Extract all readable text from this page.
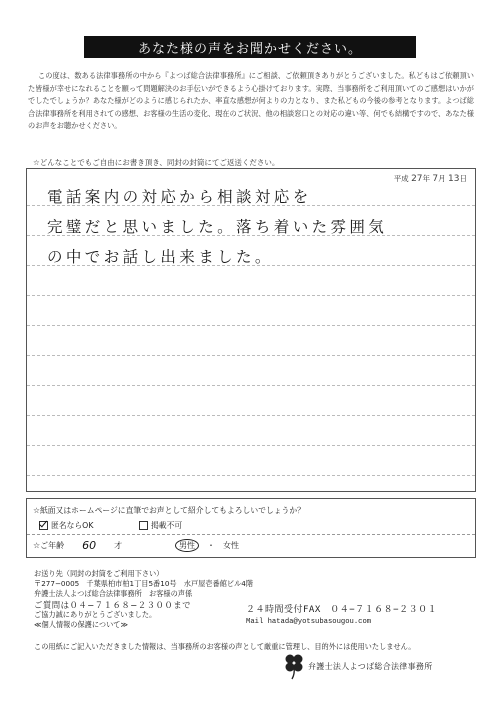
あなた様の声をお聞かせください。
この度は、数ある法律事務所の中から『よつば総合法律事務所』にご相談、ご依頼頂きありがとうございました。私どもはご依頼頂いた皆様が幸せになれることを願って問題解決のお手伝いができるよう心掛けております。実際、当事務所をご利用頂いてのご感想はいかがでしたでしょうか？あなた様がどのように感じられたか、率直な感想が何よりの力となり、また私どもの今後の参考となります。よつば総合法律事務所を利用されての感想、お客様の生活の変化、現在のご状況、他の相談窓口との対応の違い等、何でも結構ですので、あなた様のお声をお聴かせください。
☆どんなことでもご自由にお書き頂き、同封の封筒にてご返送ください。
平成 27年 7月 13日
電話案内の対応から相談対応を
完璧だと思いました。落ち着いた雰囲気
の中でお話し出来ました。
☆紙面又はホームページに直筆でお声として紹介してもよろしいでしょうか？
匿名ならOK	掲載不可
☆ご年齢	60	才	男性	・ 女性
お送り先（同封の封筒をご利用下さい）
〒277−0005　千葉県柏市柏1丁目5番10号　水戸屋壱番館ビル4階
弁護士法人よつば総合法律事務所　お客様の声係
ご質問は０４−７１６８−２３００まで
ご協力誠にありがとうございました。
≪個人情報の保護について≫
２４時間受付FAX　０４−７１６８−２３０１
Mail hatada@yotsubasougou.com
この用紙にご記入いただきました情報は、当事務所のお客様の声として厳重に管理し、目的外には使用いたしません。
弁護士法人よつば総合法律事務所
